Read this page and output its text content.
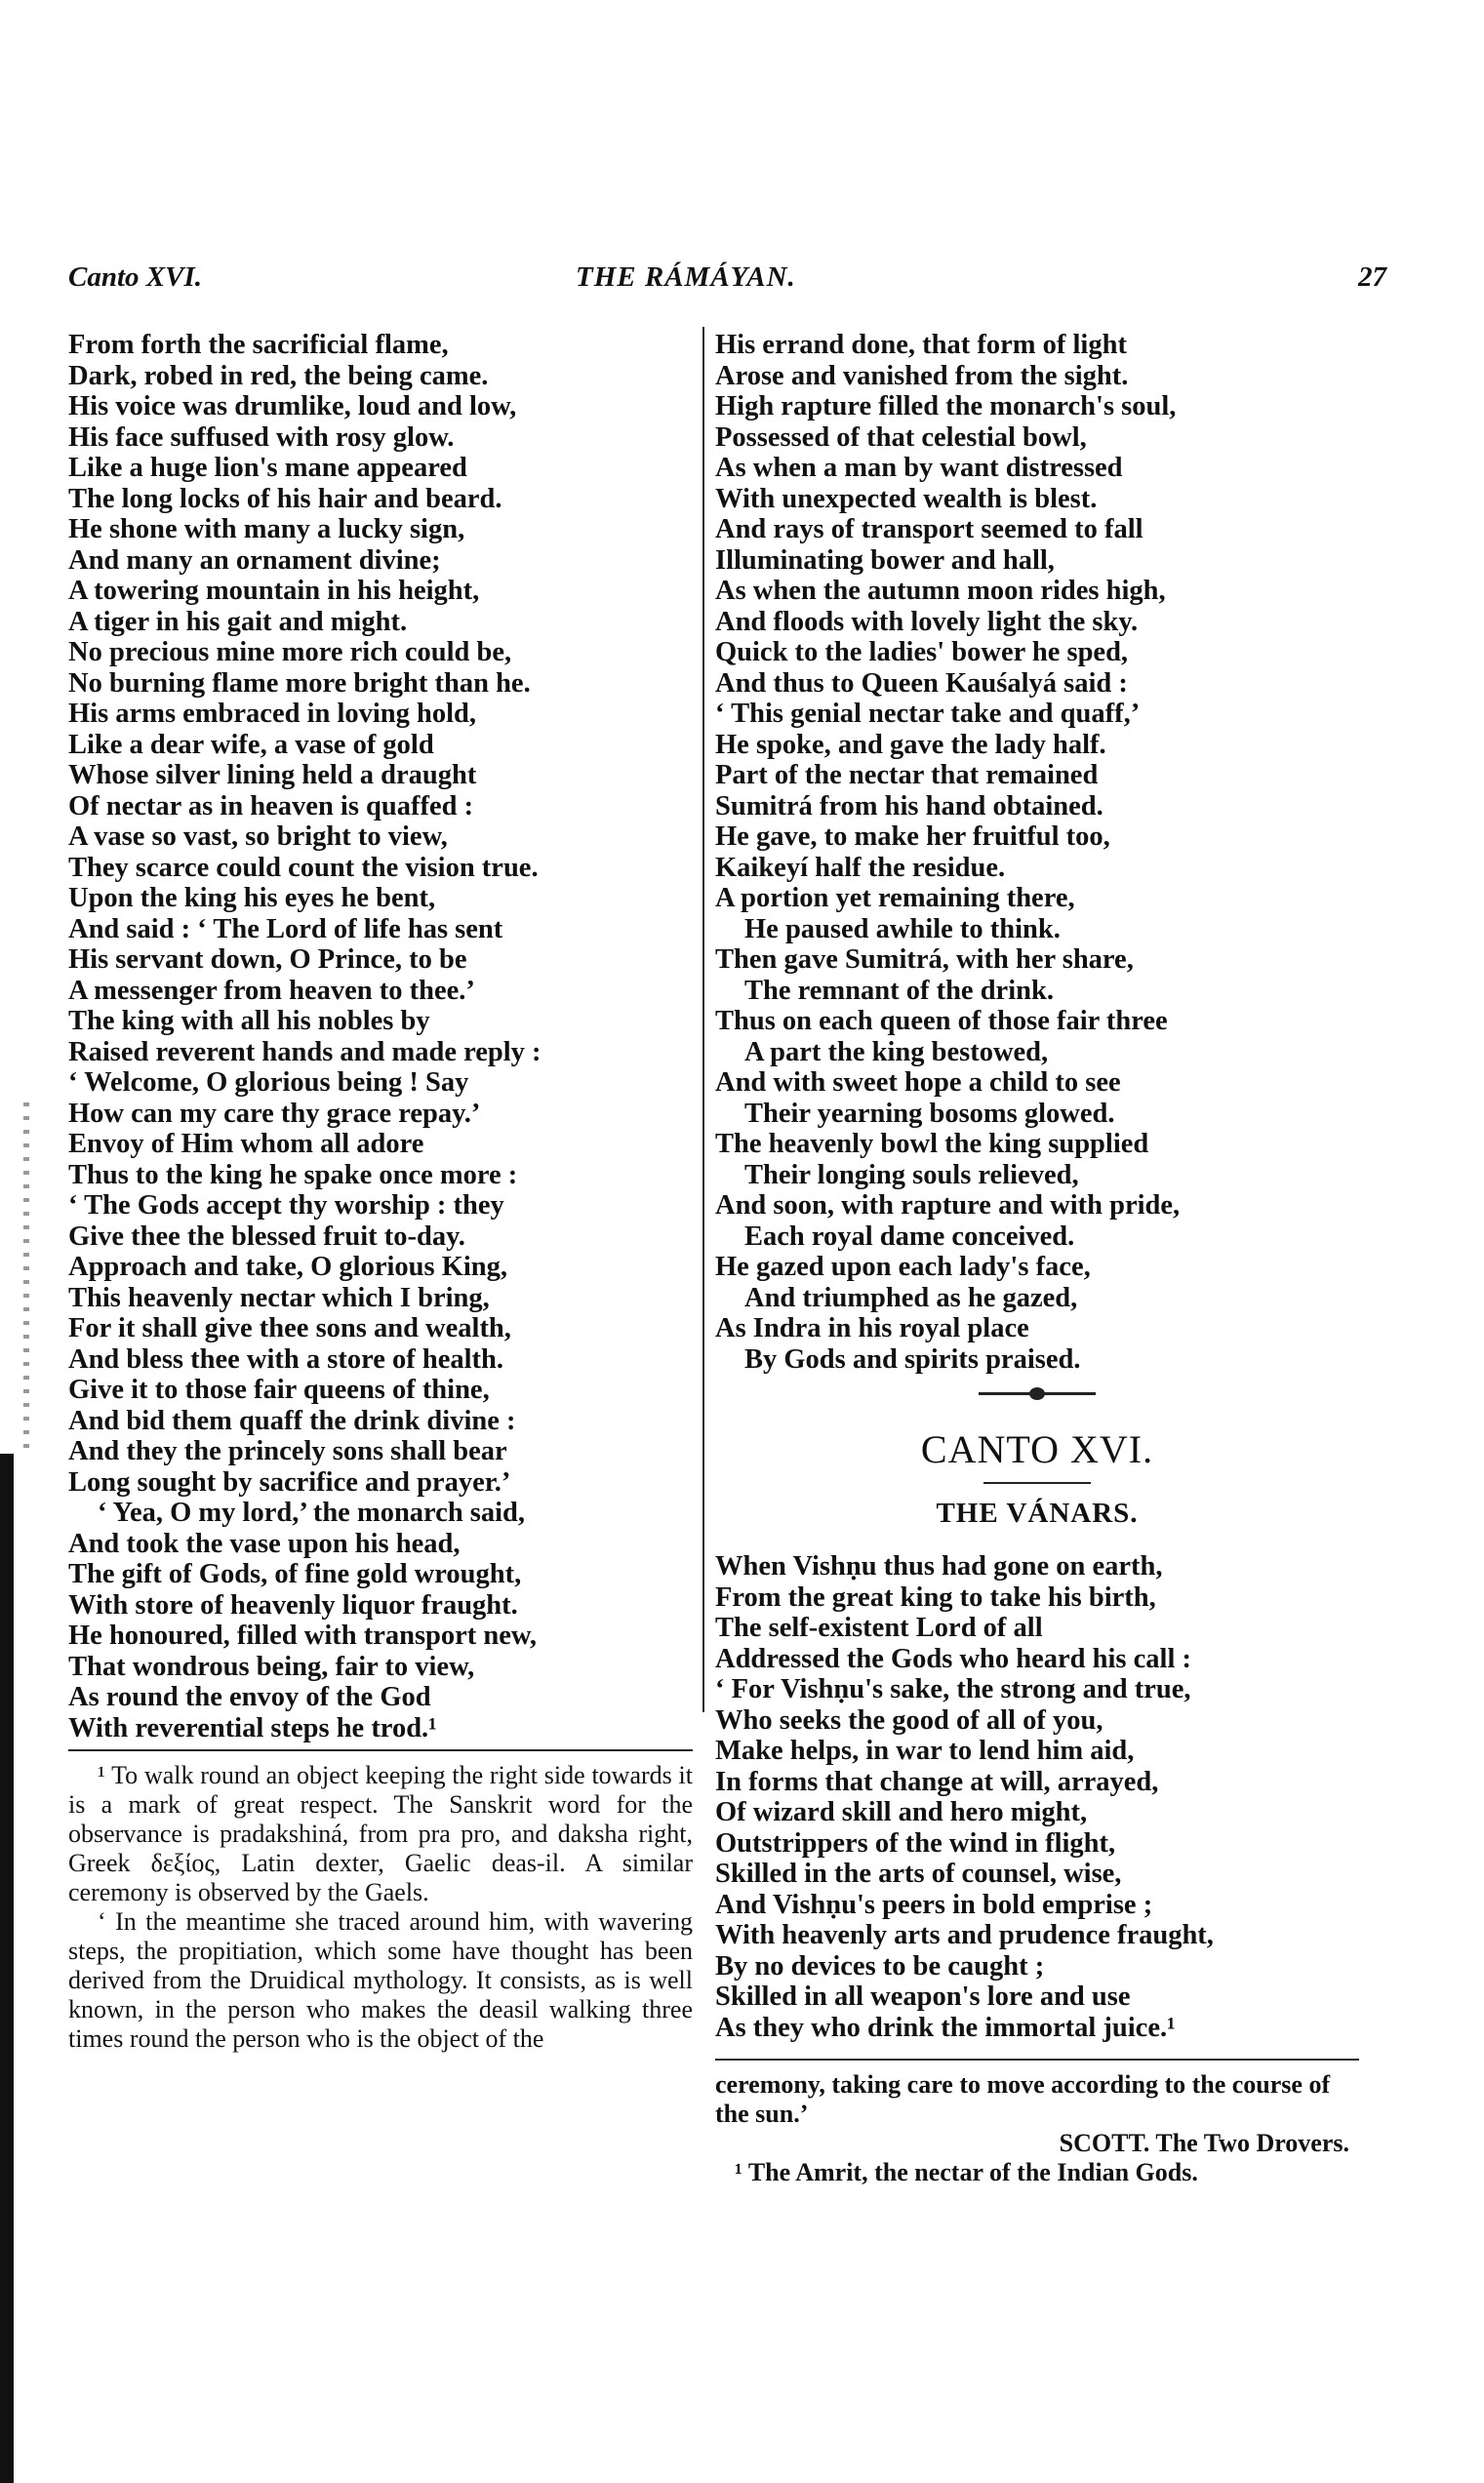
Canto XVI.	THE RÁMÁYAN.	27
From forth the sacrificial flame,
Dark, robed in red, the being came.
His voice was drumlike, loud and low,
His face suffused with rosy glow.
Like a huge lion's mane appeared
The long locks of his hair and beard.
He shone with many a lucky sign,
And many an ornament divine;
A towering mountain in his height,
A tiger in his gait and might.
No precious mine more rich could be,
No burning flame more bright than he.
His arms embraced in loving hold,
Like a dear wife, a vase of gold
Whose silver lining held a draught
Of nectar as in heaven is quaffed :
A vase so vast, so bright to view,
They scarce could count the vision true.
Upon the king his eyes he bent,
And said : ‘ The Lord of life has sent
His servant down, O Prince, to be
A messenger from heaven to thee.’
The king with all his nobles by
Raised reverent hands and made reply :
‘ Welcome, O glorious being ! Say
How can my care thy grace repay.’
Envoy of Him whom all adore
Thus to the king he spake once more :
‘ The Gods accept thy worship : they
Give thee the blessed fruit to-day.
Approach and take, O glorious King,
This heavenly nectar which I bring,
For it shall give thee sons and wealth,
And bless thee with a store of health.
Give it to those fair queens of thine,
And bid them quaff the drink divine :
And they the princely sons shall bear
Long sought by sacrifice and prayer.’
‘ Yea, O my lord,’ the monarch said,
And took the vase upon his head,
The gift of Gods, of fine gold wrought,
With store of heavenly liquor fraught.
He honoured, filled with transport new,
That wondrous being, fair to view,
As round the envoy of the God
With reverential steps he trod.¹
¹ To walk round an object keeping the right side towards it is a mark of great respect. The Sanskrit word for the observance is pradakshiná, from pra pro, and daksha right, Greek δεξίος, Latin dexter, Gaelic deas-il. A similar ceremony is observed by the Gaels.
‘ In the meantime she traced around him, with wavering steps, the propitiation, which some have thought has been derived from the Druidical mythology. It consists, as is well known, in the person who makes the deasil walking three times round the person who is the object of the
His errand done, that form of light
Arose and vanished from the sight.
High rapture filled the monarch's soul,
Possessed of that celestial bowl,
As when a man by want distressed
With unexpected wealth is blest.
And rays of transport seemed to fall
Illuminating bower and hall,
As when the autumn moon rides high,
And floods with lovely light the sky.
Quick to the ladies' bower he sped,
And thus to Queen Kauśalyá said :
‘ This genial nectar take and quaff,’
He spoke, and gave the lady half.
Part of the nectar that remained
Sumitrá from his hand obtained.
He gave, to make her fruitful too,
Kaikeyí half the residue.
A portion yet remaining there,
He paused awhile to think.
Then gave Sumitrá, with her share,
The remnant of the drink.
Thus on each queen of those fair three
A part the king bestowed,
And with sweet hope a child to see
Their yearning bosoms glowed.
The heavenly bowl the king supplied
Their longing souls relieved,
And soon, with rapture and with pride,
Each royal dame conceived.
He gazed upon each lady's face,
And triumphed as he gazed,
As Indra in his royal place
By Gods and spirits praised.
CANTO XVI.
THE VÁNARS.
When Vishṇu thus had gone on earth,
From the great king to take his birth,
The self-existent Lord of all
Addressed the Gods who heard his call :
‘ For Vishṇu's sake, the strong and true,
Who seeks the good of all of you,
Make helps, in war to lend him aid,
In forms that change at will, arrayed,
Of wizard skill and hero might,
Outstrippers of the wind in flight,
Skilled in the arts of counsel, wise,
And Vishṇu's peers in bold emprise ;
With heavenly arts and prudence fraught,
By no devices to be caught ;
Skilled in all weapon's lore and use
As they who drink the immortal juice.¹
ceremony, taking care to move according to the course of the sun.’
SCOTT. The Two Drovers.
¹ The Amrit, the nectar of the Indian Gods.
